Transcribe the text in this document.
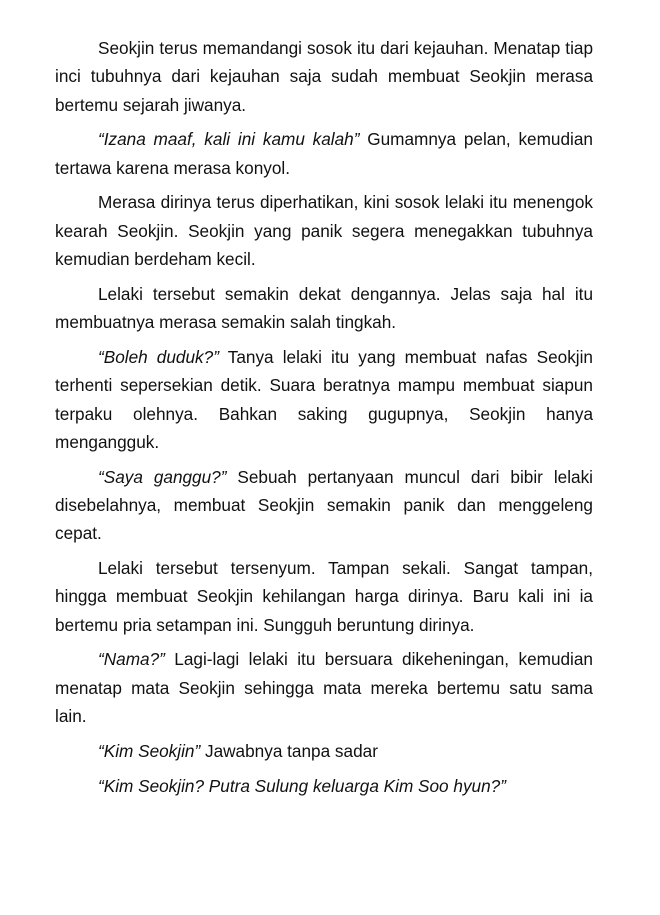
Seokjin terus memandangi sosok itu dari kejauhan. Menatap tiap inci tubuhnya dari kejauhan saja sudah membuat Seokjin merasa bertemu sejarah jiwanya.

“Izana maaf, kali ini kamu kalah” Gumamnya pelan, kemudian tertawa karena merasa konyol.

Merasa dirinya terus diperhatikan, kini sosok lelaki itu menengok kearah Seokjin. Seokjin yang panik segera menegakkan tubuhnya kemudian berdeham kecil.

Lelaki tersebut semakin dekat dengannya. Jelas saja hal itu membuatnya merasa semakin salah tingkah.

“Boleh duduk?” Tanya lelaki itu yang membuat nafas Seokjin terhenti sepersekian detik. Suara beratnya mampu membuat siapun terpaku olehnya. Bahkan saking gugupnya, Seokjin hanya mengangguk.

“Saya ganggu?” Sebuah pertanyaan muncul dari bibir lelaki disebelahnya, membuat Seokjin semakin panik dan menggeleng cepat.

Lelaki tersebut tersenyum. Tampan sekali. Sangat tampan, hingga membuat Seokjin kehilangan harga dirinya. Baru kali ini ia bertemu pria setampan ini. Sungguh beruntung dirinya.

“Nama?” Lagi-lagi lelaki itu bersuara dikeheningan, kemudian menatap mata Seokjin sehingga mata mereka bertemu satu sama lain.

“Kim Seokjin” Jawabnya tanpa sadar

“Kim Seokjin? Putra Sulung keluarga Kim Soo hyun?”
